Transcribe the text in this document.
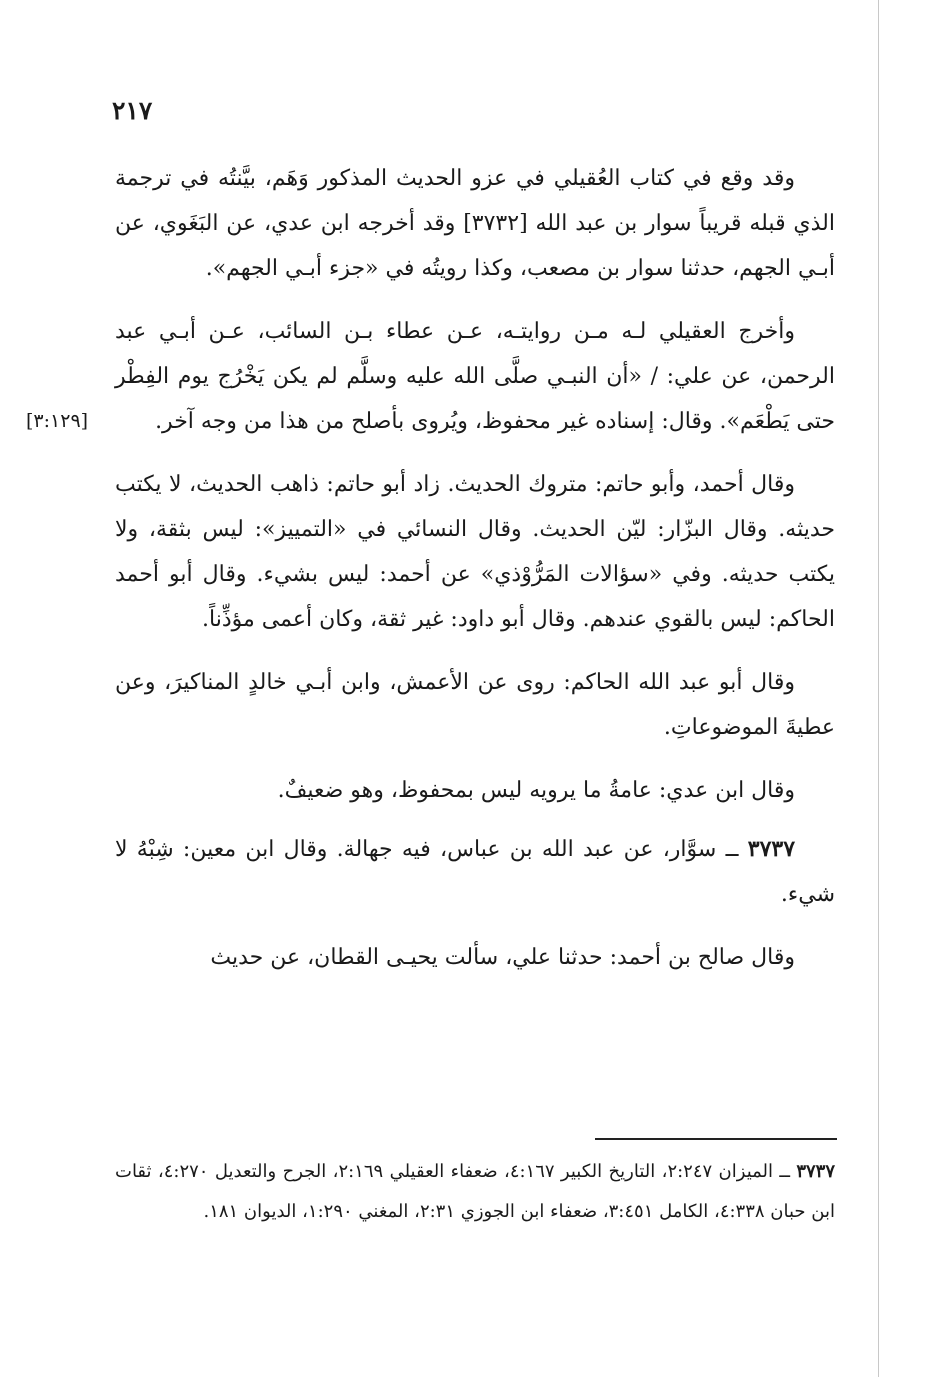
٢١٧
[٣:١٢٩]

وقد وقع في كتاب العُقيلي في عزو الحديث المذكور وَهَم، بيَّنتُه في ترجمة الذي قبله قريباً سوار بن عبد الله [٣٧٣٢] وقد أخرجه ابن عدي، عن البَغَوي، عن أبـي الجهم، حدثنا سوار بن مصعب، وكذا رويتُه في «جزء أبـي الجهم».

وأخرج العقيلي لـه مـن روايتـه، عـن عطاء بـن السائب، عـن أبـي عبد الرحمن، عن علي: / «أن النبـي صلَّى الله عليه وسلَّم لم يكن يَخْرُج يوم الفِطْر حتى يَطْعَم». وقال: إسناده غير محفوظ، ويُروى بأصلح من هذا من وجه آخر.

وقال أحمد، وأبو حاتم: متروك الحديث. زاد أبو حاتم: ذاهب الحديث، لا يكتب حديثه. وقال البزّار: ليّن الحديث. وقال النسائي في «التمييز»: ليس بثقة، ولا يكتب حديثه. وفي «سؤالات المَرُّوْذي» عن أحمد: ليس بشيء. وقال أبو أحمد الحاكم: ليس بالقوي عندهم. وقال أبو داود: غير ثقة، وكان أعمى مؤذِّناً.

وقال أبو عبد الله الحاكم: روى عن الأعمش، وابن أبـي خالدٍ المناكيرَ، وعن عطيةَ الموضوعاتِ.

وقال ابن عدي: عامةُ ما يرويه ليس بمحفوظ، وهو ضعيفٌ.

٣٧٣٧ ــ سوَّار، عن عبد الله بن عباس، فيه جهالة. وقال ابن معين: شِبْهُ لا شيء.

وقال صالح بن أحمد: حدثنا علي، سألت يحيـى القطان، عن حديث

٣٧٣٧ ــ الميزان ٢:٢٤٧، التاريخ الكبير ٤:١٦٧، ضعفاء العقيلي ٢:١٦٩، الجرح والتعديل ٤:٢٧٠، ثقات ابن حبان ٤:٣٣٨، الكامل ٣:٤٥١، ضعفاء ابن الجوزي ٢:٣١، المغني ١:٢٩٠، الديوان ١٨١.
